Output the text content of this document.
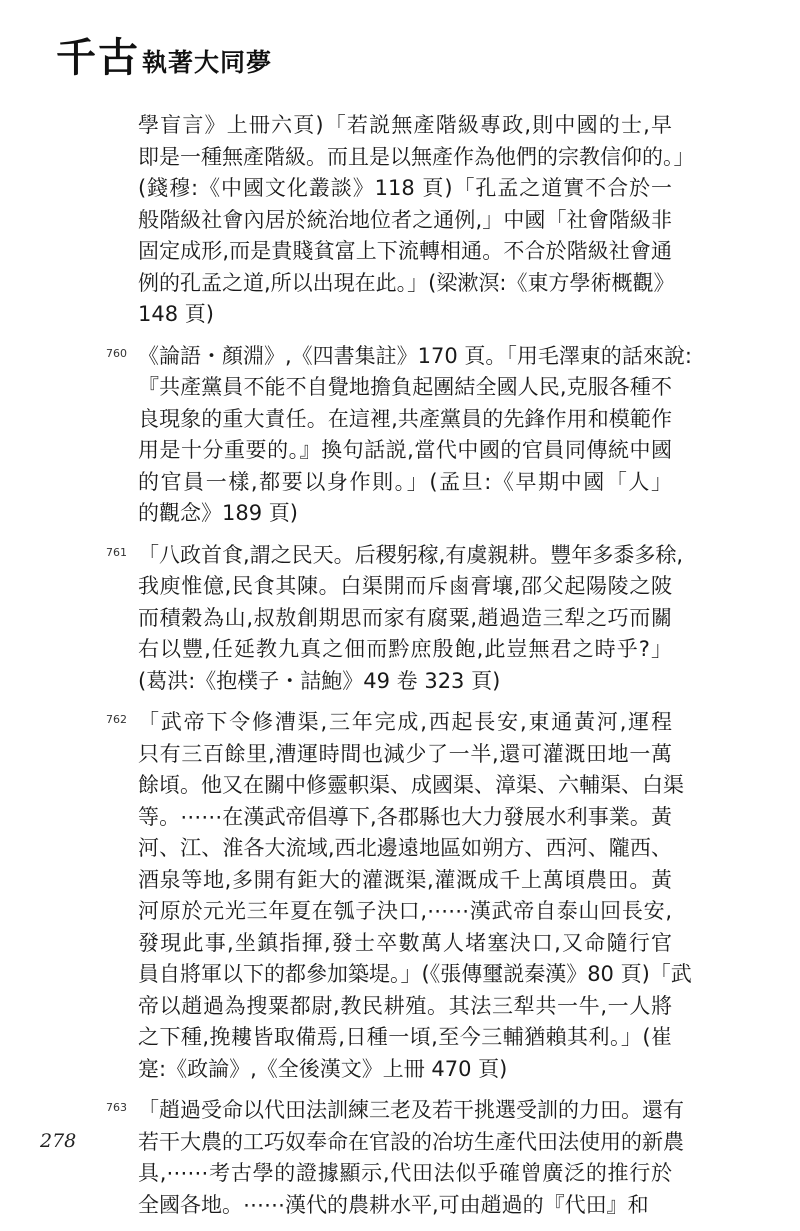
千古執著大同夢
學盲言》上冊六頁)「若説無產階級專政,則中國的士,早
即是一種無產階級。而且是以無產作為他們的宗教信仰的。」
(錢穆:《中國文化叢談》118 頁)「孔孟之道實不合於一
般階級社會內居於統治地位者之通例,」中國「社會階級非
固定成形,而是貴賤貧富上下流轉相通。不合於階級社會通
例的孔孟之道,所以出現在此。」(梁漱溟:《東方學術概觀》
148 頁)
760 《論語・顏淵》,《四書集註》170 頁。「用毛澤東的話來說:
『共產黨員不能不自覺地擔負起團結全國人民,克服各種不
良現象的重大責任。在這裡,共產黨員的先鋒作用和模範作
用是十分重要的。』換句話説,當代中國的官員同傳統中國
的官員一樣,都要以身作則。」(孟旦:《早期中國「人」
的觀念》189 頁)
761 「八政首食,謂之民天。后稷躬稼,有虞親耕。豐年多黍多稌,
我庾惟億,民食其陳。白渠開而斥鹵膏壤,邵父起陽陵之陂
而積穀為山,叔敖創期思而家有腐粟,趙過造三犁之巧而關
右以豐,任延教九真之佃而黔庶殷飽,此豈無君之時乎?」
(葛洪:《抱樸子・詰鮑》49 卷 323 頁)
762 「武帝下令修漕渠,三年完成,西起長安,東通黃河,運程
只有三百餘里,漕運時間也減少了一半,還可灌溉田地一萬
餘頃。他又在關中修靈軹渠、成國渠、漳渠、六輔渠、白渠
等。⋯⋯在漢武帝倡導下,各郡縣也大力發展水利事業。黃
河、江、淮各大流域,西北邊遠地區如朔方、西河、隴西、
酒泉等地,多開有鉅大的灌溉渠,灌溉成千上萬頃農田。黃
河原於元光三年夏在瓠子決口,⋯⋯漢武帝自泰山回長安,
發現此事,坐鎮指揮,發士卒數萬人堵塞決口,又命隨行官
員自將軍以下的都參加築堤。」(《張傳璽説秦漢》80 頁)「武
帝以趙過為搜粟都尉,教民耕殖。其法三犁共一牛,一人將
之下種,挽耬皆取備焉,日種一頃,至今三輔猶賴其利。」(崔
寔:《政論》,《全後漢文》上冊 470 頁)
763 「趙過受命以代田法訓練三老及若干挑選受訓的力田。還有
若干大農的工巧奴奉命在官設的冶坊生產代田法使用的新農
具,⋯⋯考古學的證據顯示,代田法似乎確曾廣泛的推行於
全國各地。⋯⋯漢代的農耕水平,可由趙過的『代田』和
278
